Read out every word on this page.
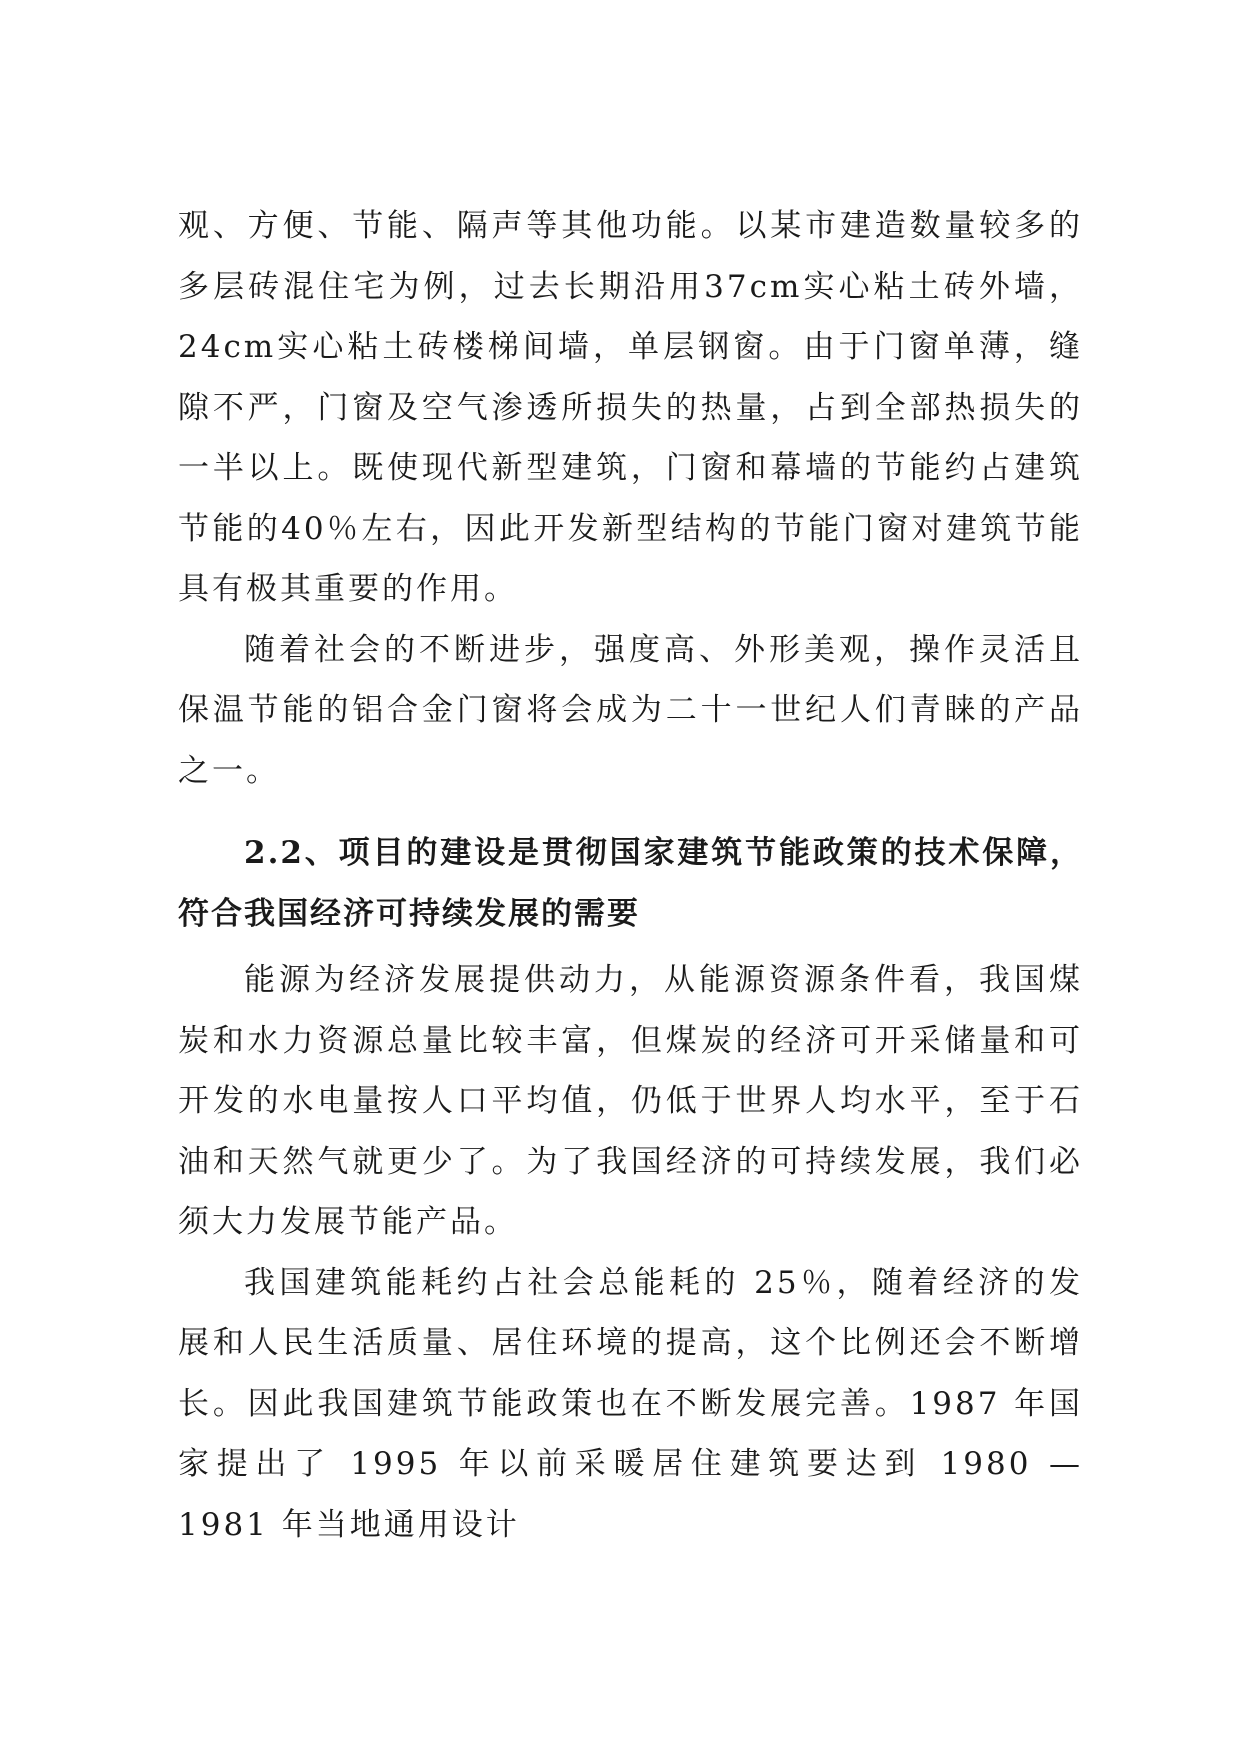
观、方便、节能、隔声等其他功能。以某市建造数量较多的多层砖混住宅为例，过去长期沿用37cm实心粘土砖外墙，24cm实心粘土砖楼梯间墙，单层钢窗。由于门窗单薄，缝隙不严，门窗及空气渗透所损失的热量，占到全部热损失的一半以上。既使现代新型建筑，门窗和幕墙的节能约占建筑节能的40％左右，因此开发新型结构的节能门窗对建筑节能具有极其重要的作用。

随着社会的不断进步，强度高、外形美观，操作灵活且保温节能的铝合金门窗将会成为二十一世纪人们青睐的产品之一。

2.2、项目的建设是贯彻国家建筑节能政策的技术保障，符合我国经济可持续发展的需要

能源为经济发展提供动力，从能源资源条件看，我国煤炭和水力资源总量比较丰富，但煤炭的经济可开采储量和可开发的水电量按人口平均值，仍低于世界人均水平，至于石油和天然气就更少了。为了我国经济的可持续发展，我们必须大力发展节能产品。

我国建筑能耗约占社会总能耗的 25％，随着经济的发展和人民生活质量、居住环境的提高，这个比例还会不断增长。因此我国建筑节能政策也在不断发展完善。1987 年国家提出了 1995 年以前采暖居住建筑要达到 1980 — 1981 年当地通用设计
